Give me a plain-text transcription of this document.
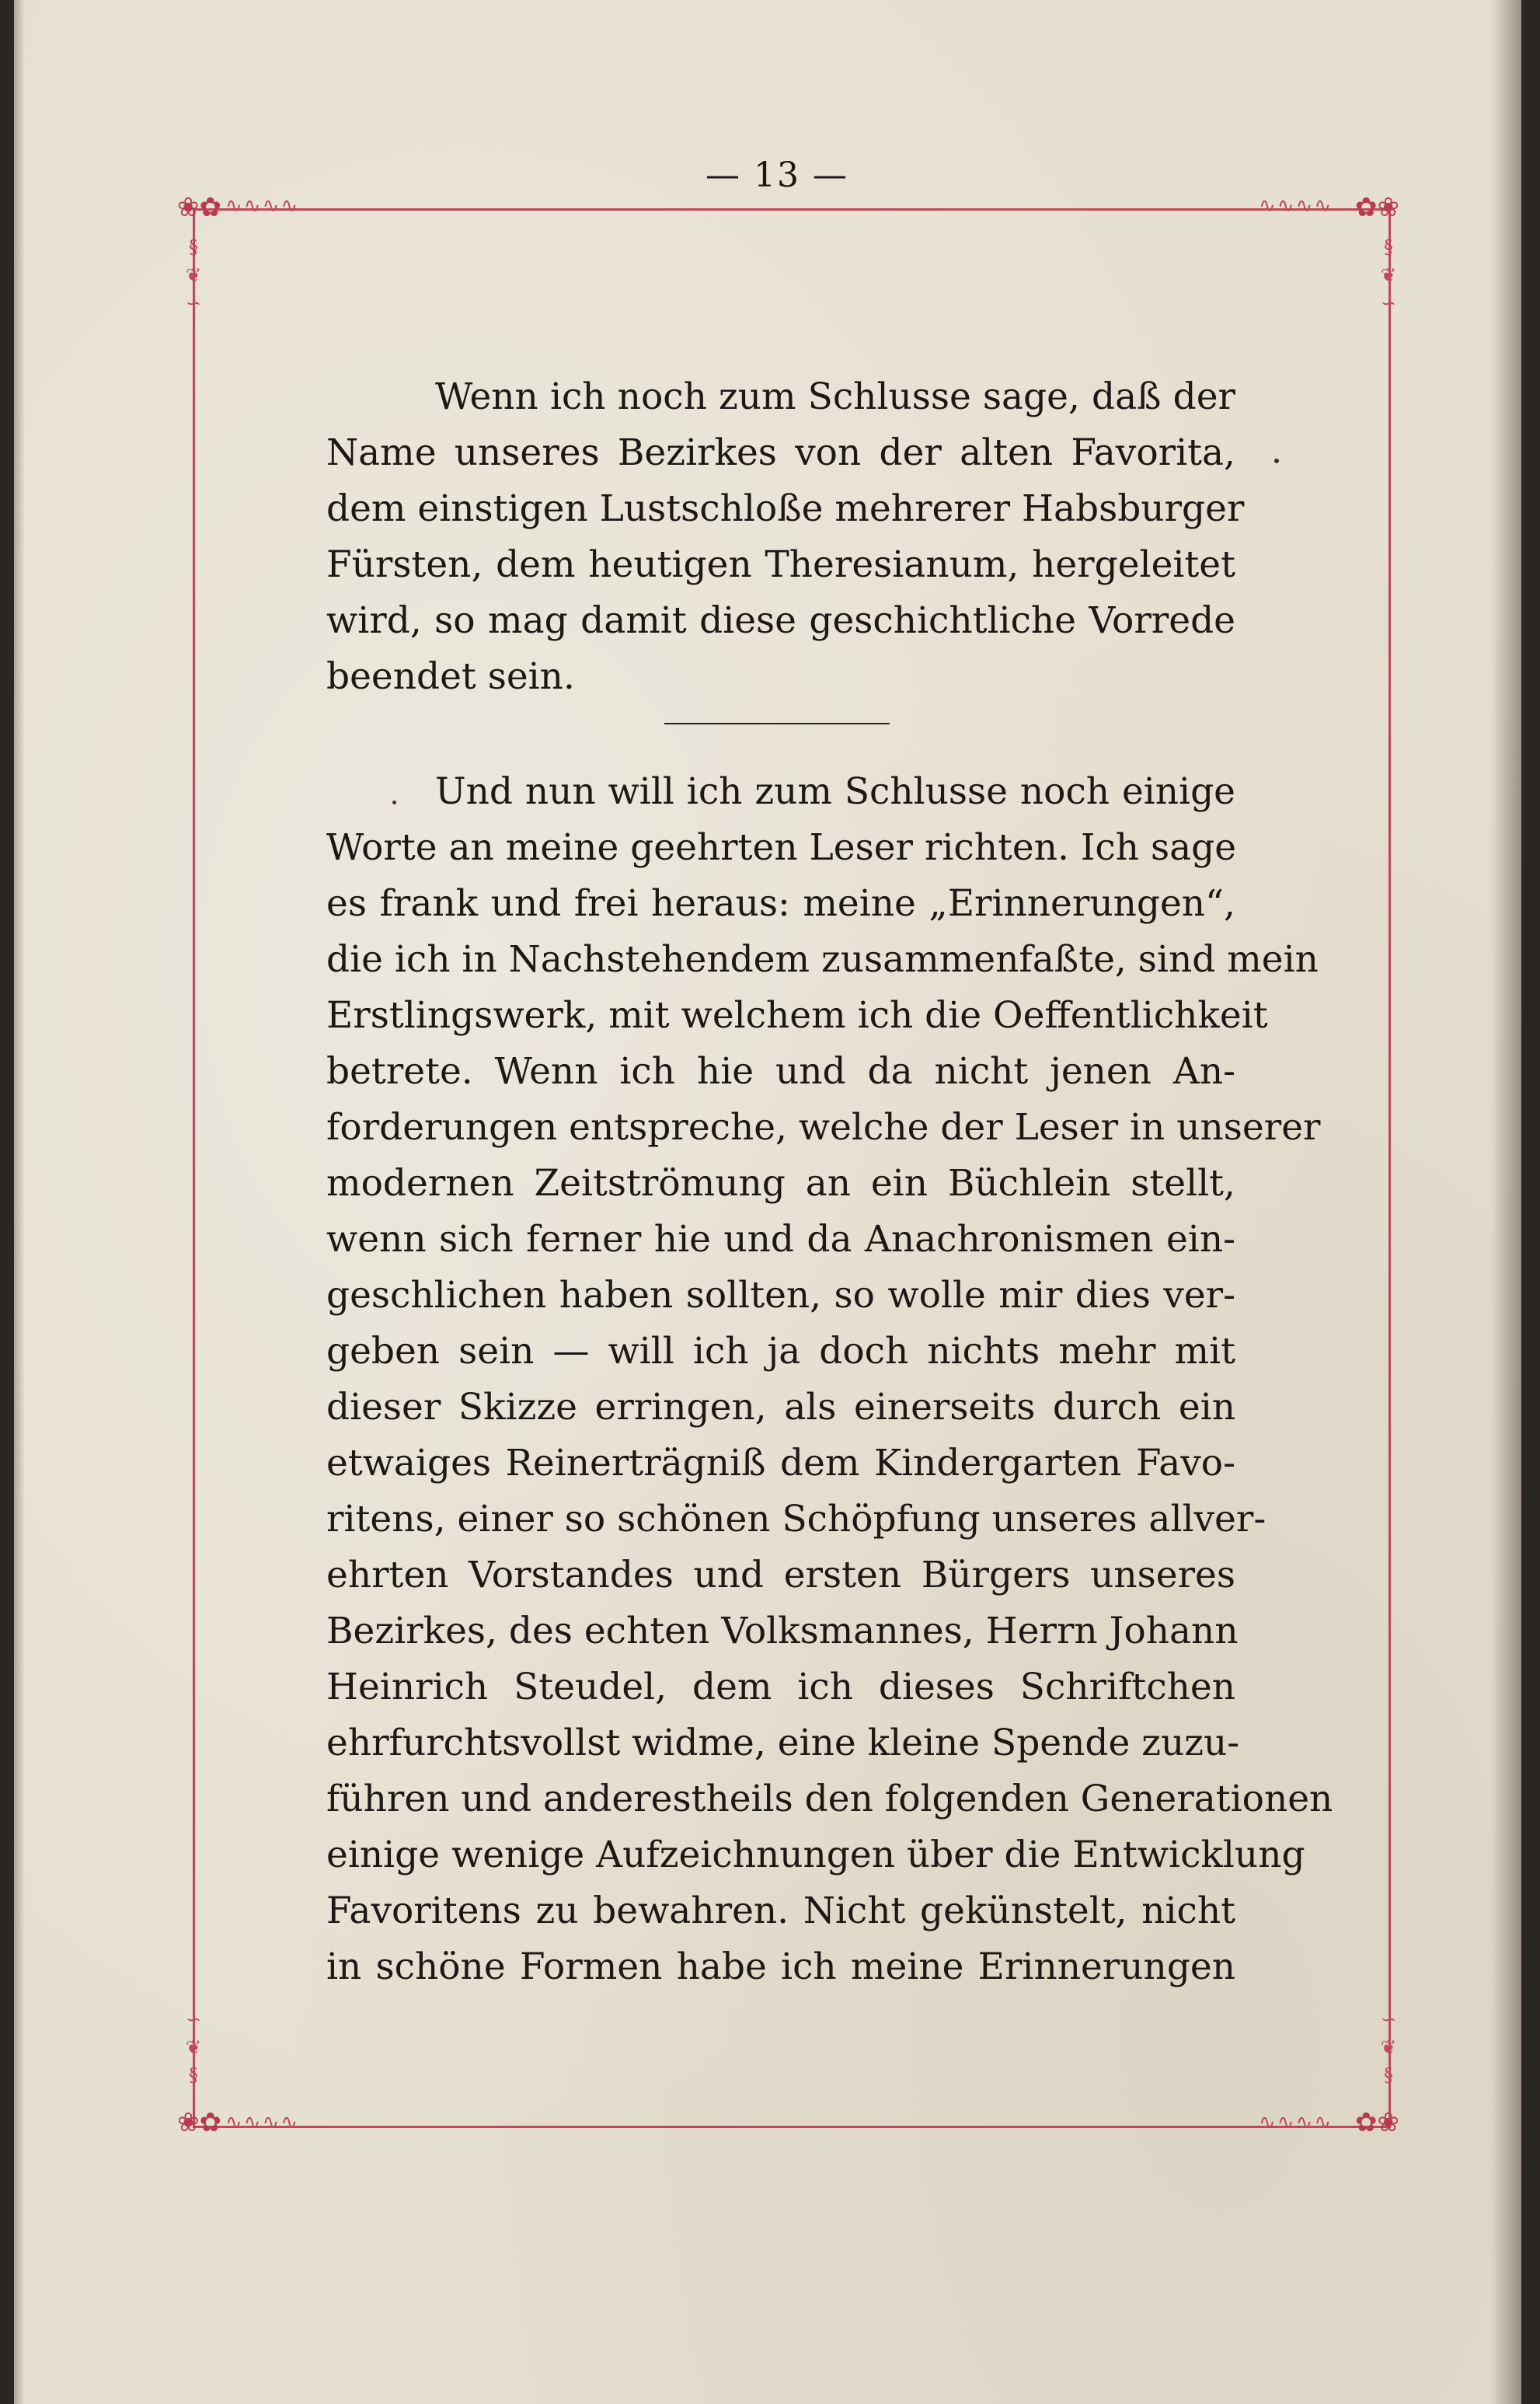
— 13 —
❀✿	✿❀
❀✿	✿❀
∿∿∿∿	∿∿∿∿
∿∿∿∿	∿∿∿∿
§
❦
∽
§
❦
∽
∽
❦
§
∽
❦
§
Wenn ich noch zum Schlusse sage, daß der
Name unseres Bezirkes von der alten Favorita,
dem einstigen Lustschloße mehrerer Habsburger
Fürsten, dem heutigen Theresianum, hergeleitet
wird, so mag damit diese geschichtliche Vorrede
beendet sein.
Und nun will ich zum Schlusse noch einige
Worte an meine geehrten Leser richten. Ich sage
es frank und frei heraus: meine „Erinnerungen“,
die ich in Nachstehendem zusammenfaßte, sind mein
Erstlingswerk, mit welchem ich die Oeffentlichkeit
betrete. Wenn ich hie und da nicht jenen An-
forderungen entspreche, welche der Leser in unserer
modernen Zeitströmung an ein Büchlein stellt,
wenn sich ferner hie und da Anachronismen ein-
geschlichen haben sollten, so wolle mir dies ver-
geben sein — will ich ja doch nichts mehr mit
dieser Skizze erringen, als einerseits durch ein
etwaiges Reinerträgniß dem Kindergarten Favo-
ritens, einer so schönen Schöpfung unseres allver-
ehrten Vorstandes und ersten Bürgers unseres
Bezirkes, des echten Volksmannes, Herrn Johann
Heinrich Steudel, dem ich dieses Schriftchen
ehrfurchtsvollst widme, eine kleine Spende zuzu-
führen und anderestheils den folgenden Generationen
einige wenige Aufzeichnungen über die Entwicklung
Favoritens zu bewahren. Nicht gekünstelt, nicht
in schöne Formen habe ich meine Erinnerungen
